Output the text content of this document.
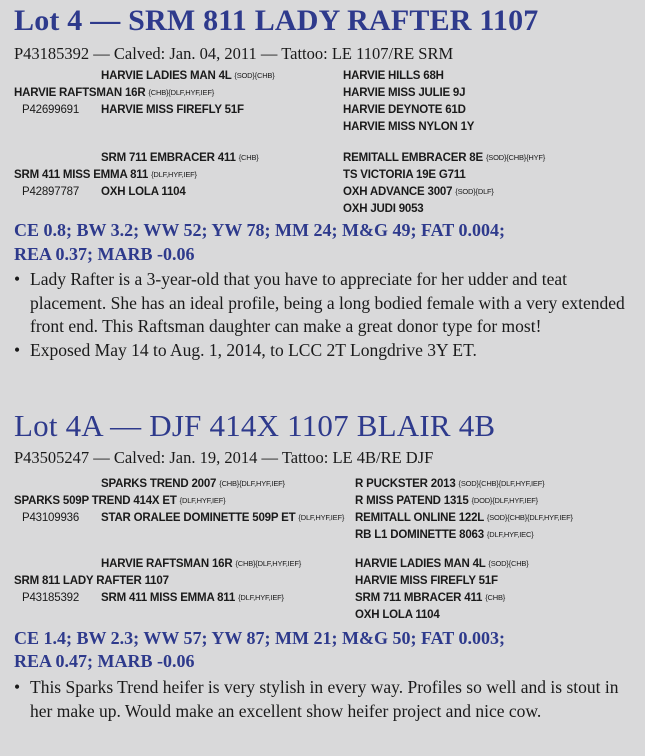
Lot 4 — SRM 811 LADY RAFTER 1107
P43185392 — Calved: Jan. 04, 2011 — Tattoo: LE 1107/RE SRM
HARVIE LADIES MAN 4L {SOD}{CHB}
HARVIE RAFTSMAN 16R {CHB}{DLF,HYF,IEF}
P42699691 HARVIE MISS FIREFLY 51F
HARVIE HILLS 68H
HARVIE MISS JULIE 9J
HARVIE DEYNOTE 61D
HARVIE MISS NYLON 1Y
SRM 711 EMBRACER 411 {CHB}
SRM 411 MISS EMMA 811 {DLF,HYF,IEF}
P42897787 OXH LOLA 1104
REMITALL EMBRACER 8E {SOD}{CHB}{HYF}
TS VICTORIA 19E G711
OXH ADVANCE 3007 {SOD}{DLF}
OXH JUDI 9053
CE 0.8; BW 3.2; WW 52; YW 78; MM 24; M&G 49; FAT 0.004;
REA 0.37; MARB -0.06
• Lady Rafter is a 3-year-old that you have to appreciate for her udder and teat placement. She has an ideal profile, being a long bodied female with a very extended front end. This Raftsman daughter can make a great donor type for most!
• Exposed May 14 to Aug. 1, 2014, to LCC 2T Longdrive 3Y ET.
Lot 4A — DJF 414X 1107 BLAIR 4B
P43505247 — Calved: Jan. 19, 2014 — Tattoo: LE 4B/RE DJF
SPARKS TREND 2007 {CHB}{DLF,HYF,IEF}
SPARKS 509P TREND 414X ET {DLF,HYF,IEF}
P43109936 STAR ORALEE DOMINETTE 509P ET {DLF,HYF,IEF}
R PUCKSTER 2013 {SOD}{CHB}{DLF,HYF,IEF}
R MISS PATEND 1315 {DOD}{DLF,HYF,IEF}
REMITALL ONLINE 122L {SOD}{CHB}{DLF,HYF,IEF}
RB L1 DOMINETTE 8063 {DLF,HYF,IEC}
HARVIE RAFTSMAN 16R {CHB}{DLF,HYF,IEF}
SRM 811 LADY RAFTER 1107
P43185392 SRM 411 MISS EMMA 811 {DLF,HYF,IEF}
HARVIE LADIES MAN 4L {SOD}{CHB}
HARVIE MISS FIREFLY 51F
SRM 711 MBRACER 411 {CHB}
OXH LOLA 1104
CE 1.4; BW 2.3; WW 57; YW 87; MM 21; M&G 50; FAT 0.003;
REA 0.47; MARB -0.06
• This Sparks Trend heifer is very stylish in every way. Profiles so well and is stout in her make up. Would make an excellent show heifer project and nice cow.
